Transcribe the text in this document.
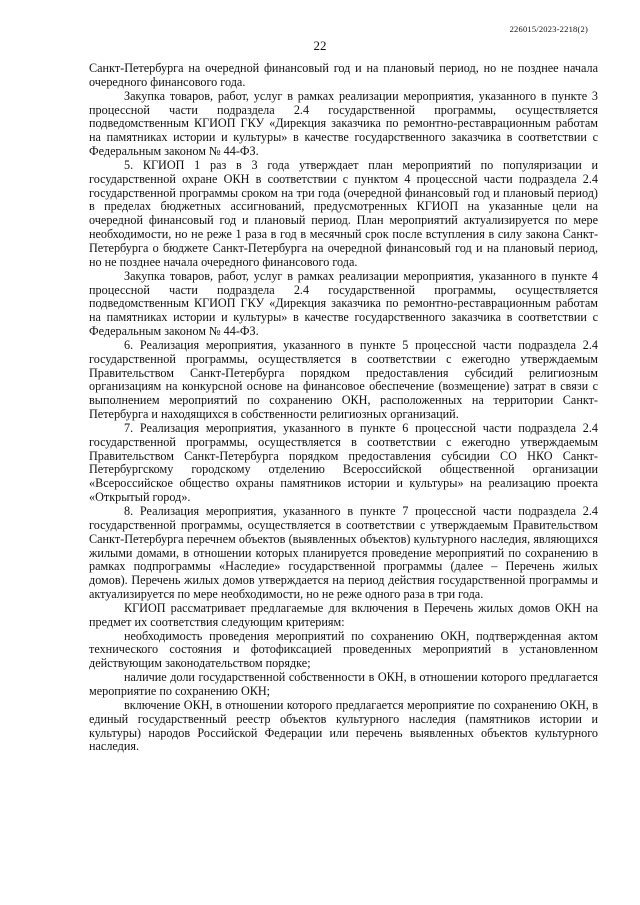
226015/2023-2218(2)
22

Санкт-Петербурга на очередной финансовый год и на плановый период, но не позднее начала очередного финансового года.

Закупка товаров, работ, услуг в рамках реализации мероприятия, указанного в пункте 3 процессной части подраздела 2.4 государственной программы, осуществляется подведомственным КГИОП ГКУ «Дирекция заказчика по ремонтно-реставрационным работам на памятниках истории и культуры» в качестве государственного заказчика в соответствии с Федеральным законом № 44-ФЗ.

5. КГИОП 1 раз в 3 года утверждает план мероприятий по популяризации и государственной охране ОКН в соответствии с пунктом 4 процессной части подраздела 2.4 государственной программы сроком на три года (очередной финансовый год и плановый период) в пределах бюджетных ассигнований, предусмотренных КГИОП на указанные цели на очередной финансовый год и плановый период. План мероприятий актуализируется по мере необходимости, но не реже 1 раза в год в месячный срок после вступления в силу закона Санкт-Петербурга о бюджете Санкт-Петербурга на очередной финансовый год и на плановый период, но не позднее начала очередного финансового года.

Закупка товаров, работ, услуг в рамках реализации мероприятия, указанного в пункте 4 процессной части подраздела 2.4 государственной программы, осуществляется подведомственным КГИОП ГКУ «Дирекция заказчика по ремонтно-реставрационным работам на памятниках истории и культуры» в качестве государственного заказчика в соответствии с Федеральным законом № 44-ФЗ.

6. Реализация мероприятия, указанного в пункте 5 процессной части подраздела 2.4 государственной программы, осуществляется в соответствии с ежегодно утверждаемым Правительством Санкт-Петербурга порядком предоставления субсидий религиозным организациям на конкурсной основе на финансовое обеспечение (возмещение) затрат в связи с выполнением мероприятий по сохранению ОКН, расположенных на территории Санкт-Петербурга и находящихся в собственности религиозных организаций.

7. Реализация мероприятия, указанного в пункте 6 процессной части подраздела 2.4 государственной программы, осуществляется в соответствии с ежегодно утверждаемым Правительством Санкт-Петербурга порядком предоставления субсидии СО НКО Санкт-Петербургскому городскому отделению Всероссийской общественной организации «Всероссийское общество охраны памятников истории и культуры» на реализацию проекта «Открытый город».

8. Реализация мероприятия, указанного в пункте 7 процессной части подраздела 2.4 государственной программы, осуществляется в соответствии с утверждаемым Правительством Санкт-Петербурга перечнем объектов (выявленных объектов) культурного наследия, являющихся жилыми домами, в отношении которых планируется проведение мероприятий по сохранению в рамках подпрограммы «Наследие» государственной программы (далее – Перечень жилых домов). Перечень жилых домов утверждается на период действия государственной программы и актуализируется по мере необходимости, но не реже одного раза в три года.

КГИОП рассматривает предлагаемые для включения в Перечень жилых домов ОКН на предмет их соответствия следующим критериям:

необходимость проведения мероприятий по сохранению ОКН, подтвержденная актом технического состояния и фотофиксацией проведенных мероприятий в установленном действующим законодательством порядке;

наличие доли государственной собственности в ОКН, в отношении которого предлагается мероприятие по сохранению ОКН;

включение ОКН, в отношении которого предлагается мероприятие по сохранению ОКН, в единый государственный реестр объектов культурного наследия (памятников истории и культуры) народов Российской Федерации или перечень выявленных объектов культурного наследия.
